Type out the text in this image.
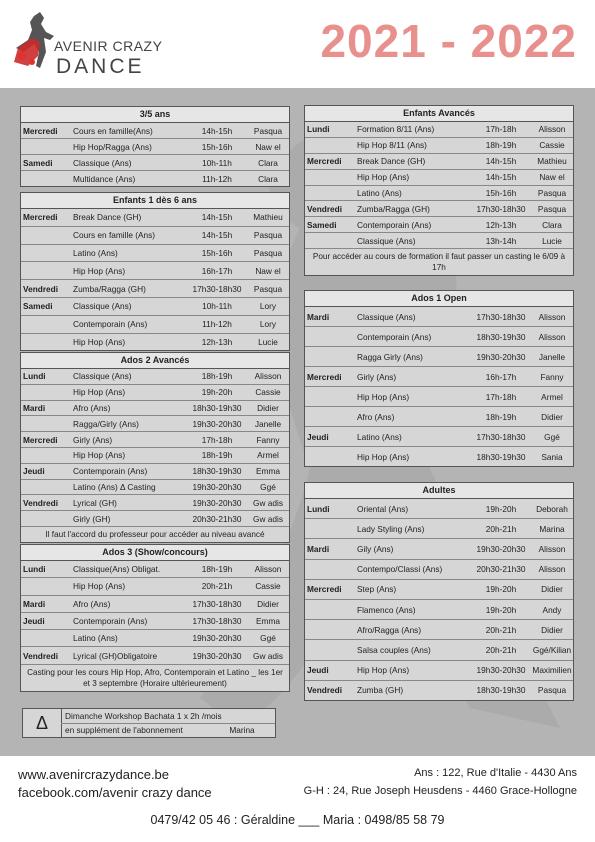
AVENIR CRAZY
DANCE	2021 - 2022
3/5 ans
Mercredi	Cours en famille(Ans)	14h-15h	Pasqua
Hip Hop/Ragga (Ans)	15h-16h	Naw el
Samedi	Classique (Ans)	10h-11h	Clara
Multidance (Ans)	11h-12h	Clara
Enfants 1 dès 6 ans
Mercredi	Break Dance (GH)	14h-15h	Mathieu
Cours en famille (Ans)	14h-15h	Pasqua
Latino (Ans)	15h-16h	Pasqua
Hip Hop (Ans)	16h-17h	Naw el
Vendredi	Zumba/Ragga (GH)	17h30-18h30	Pasqua
Samedi	Classique (Ans)	10h-11h	Lory
Contemporain (Ans)	11h-12h	Lory
Hip Hop (Ans)	12h-13h	Lucie
Ados 2 Avancés
Lundi	Classique (Ans)	18h-19h	Alisson
Hip Hop (Ans)	19h-20h	Cassie
Mardi	Afro (Ans)	18h30-19h30	Didier
Ragga/Girly (Ans)	19h30-20h30	Janelle
Mercredi	Girly (Ans)	17h-18h	Fanny
Hip Hop (Ans)	18h-19h	Armel
Jeudi	Contemporain (Ans)	18h30-19h30	Emma
Latino (Ans) Δ Casting	19h30-20h30	Ggé
Vendredi	Lyrical (GH)	19h30-20h30	Gw adis
Girly (GH)	20h30-21h30	Gw adis
Il faut l'accord du professeur pour accéder au niveau avancé
Ados 3 (Show/concours)
Lundi	Classique(Ans) Obligat.	18h-19h	Alisson
Hip Hop (Ans)	20h-21h	Cassie
Mardi	Afro (Ans)	17h30-18h30	Didier
Jeudi	Contemporain (Ans)	17h30-18h30	Emma
Latino (Ans)	19h30-20h30	Ggé
Vendredi	Lyrical (GH)Obligatoire	19h30-20h30	Gw adis
Casting pour les cours Hip Hop, Afro, Contemporain et Latino _ les 1er et 3 septembre (Horaire ultérieurement)
Enfants Avancés
Lundi	Formation 8/11 (Ans)	17h-18h	Alisson
Hip Hop 8/11 (Ans)	18h-19h	Cassie
Mercredi	Break Dance (GH)	14h-15h	Mathieu
Hip Hop (Ans)	14h-15h	Naw el
Latino (Ans)	15h-16h	Pasqua
Vendredi	Zumba/Ragga (GH)	17h30-18h30	Pasqua
Samedi	Contemporain (Ans)	12h-13h	Clara
Classique (Ans)	13h-14h	Lucie
Pour accéder au cours de formation il faut passer un casting le 6/09 à 17h
Ados 1 Open
Mardi	Classique (Ans)	17h30-18h30	Alisson
Contemporain (Ans)	18h30-19h30	Alisson
Ragga Girly (Ans)	19h30-20h30	Janelle
Mercredi	Girly (Ans)	16h-17h	Fanny
Hip Hop (Ans)	17h-18h	Armel
Afro (Ans)	18h-19h	Didier
Jeudi	Latino (Ans)	17h30-18h30	Ggé
Hip Hop (Ans)	18h30-19h30	Sania
Adultes
Lundi	Oriental (Ans)	19h-20h	Deborah
Lady Styling (Ans)	20h-21h	Marina
Mardi	Gily (Ans)	19h30-20h30	Alisson
Contempo/Classi (Ans)	20h30-21h30	Alisson
Mercredi	Step (Ans)	19h-20h	Didier
Flamenco (Ans)	19h-20h	Andy
Afro/Ragga (Ans)	20h-21h	Didier
Salsa couples (Ans)	20h-21h	Ggé/Kilian
Jeudi	Hip Hop (Ans)	19h30-20h30 Maximilien
Vendredi	Zumba (GH)	18h30-19h30	Pasqua
Δ	Dimanche Workshop Bachata 1 x 2h /mois
en supplément de l'abonnement	Marina
www.avenircrazydance.be
facebook.com/avenir crazy dance
Ans : 122, Rue d'Italie - 4430 Ans
G-H : 24, Rue Joseph Heusdens - 4460 Grace-Hollogne
0479/42 05 46 : Géraldine ___ Maria : 0498/85 58 79
